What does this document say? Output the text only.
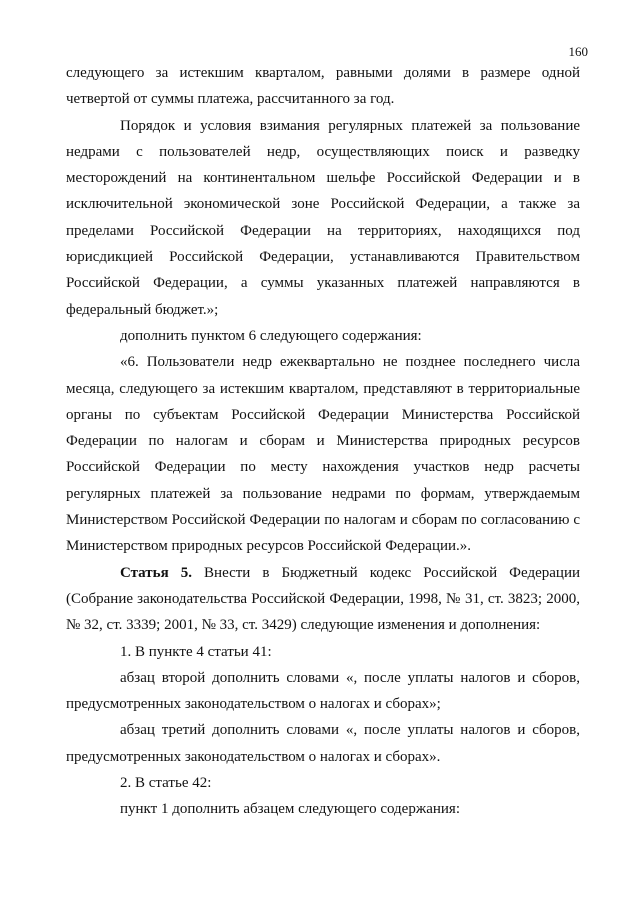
160

следующего за истекшим кварталом, равными долями в размере одной четвертой от суммы платежа, рассчитанного за год.

Порядок и условия взимания регулярных платежей за пользование недрами с пользователей недр, осуществляющих поиск и разведку месторождений на континентальном шельфе Российской Федерации и в исключительной экономической зоне Российской Федерации, а также за пределами Российской Федерации на территориях, находящихся под юрисдикцией Российской Федерации, устанавливаются Правительством Российской Федерации, а суммы указанных платежей направляются в федеральный бюджет.»;

дополнить пунктом 6 следующего содержания:

«6. Пользователи недр ежеквартально не позднее последнего числа месяца, следующего за истекшим кварталом, представляют в территориальные органы по субъектам Российской Федерации Министерства Российской Федерации по налогам и сборам и Министерства природных ресурсов Российской Федерации по месту нахождения участков недр расчеты регулярных платежей за пользование недрами по формам, утверждаемым Министерством Российской Федерации по налогам и сборам по согласованию с Министерством природных ресурсов Российской Федерации.».

Статья 5. Внести в Бюджетный кодекс Российской Федерации (Собрание законодательства Российской Федерации, 1998, № 31, ст. 3823; 2000, № 32, ст. 3339; 2001, № 33, ст. 3429) следующие изменения и дополнения:

1. В пункте 4 статьи 41:

абзац второй дополнить словами «, после уплаты налогов и сборов, предусмотренных законодательством о налогах и сборах»;

абзац третий дополнить словами «, после уплаты налогов и сборов, предусмотренных законодательством о налогах и сборах».

2. В статье 42:

пункт 1 дополнить абзацем следующего содержания:
